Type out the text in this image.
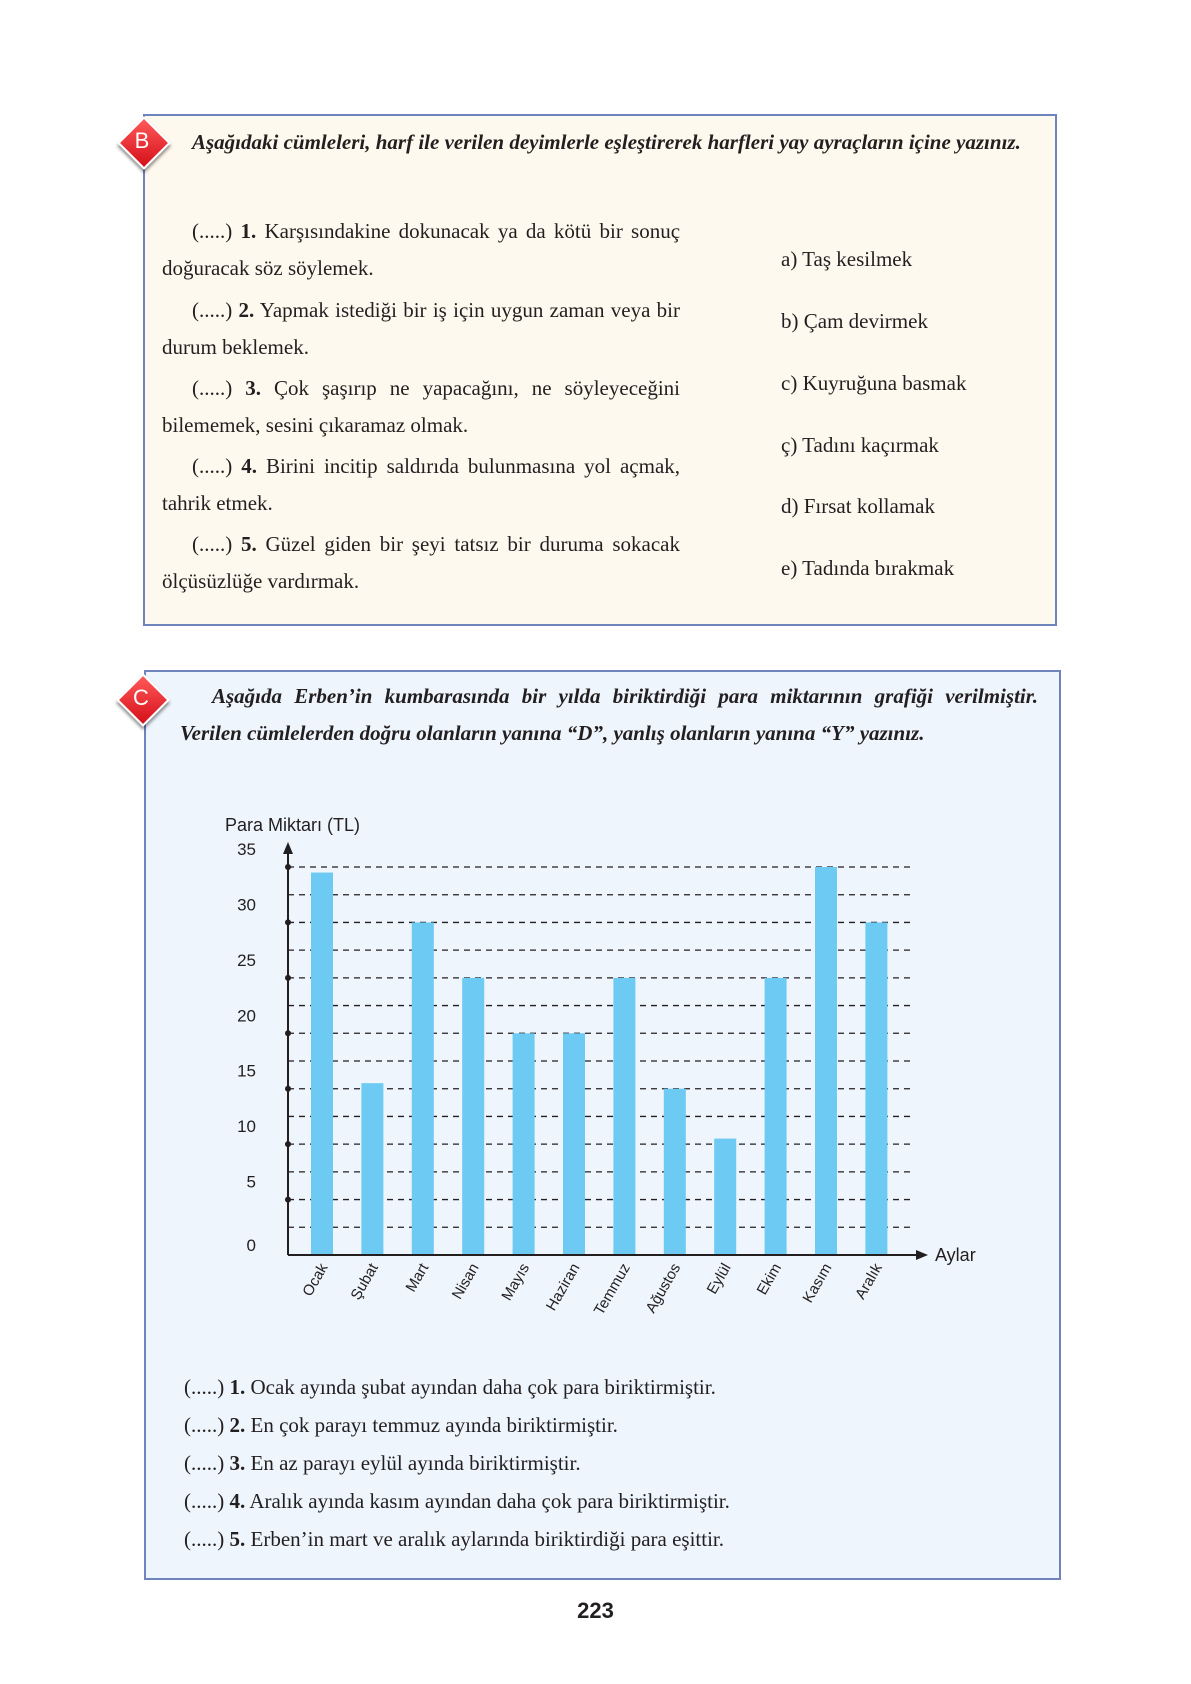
B	Aşağıdaki cümleleri, harf ile verilen deyimlerle eşleştirerek harfleri yay ayraçların içine yazınız.
(.....) 1. Karşısındakine dokunacak ya da kötü bir sonuç doğuracak söz söylemek.
(.....) 2. Yapmak istediği bir iş için uygun zaman veya bir durum beklemek.
(.....) 3. Çok şaşırıp ne yapacağını, ne söyleyeceğini bilememek, sesini çıkaramaz olmak.
(.....) 4. Birini incitip saldırıda bulunmasına yol açmak, tahrik etmek.
(.....) 5. Güzel giden bir şeyi tatsız bir duruma sokacak ölçüsüzlüğe vardırmak.
a) Taş kesilmek
b) Çam devirmek
c) Kuyruğuna basmak
ç) Tadını kaçırmak
d) Fırsat kollamak
e) Tadında bırakmak
C	Aşağıda Erben’in kumbarasında bir yılda biriktirdiği para miktarının grafiği verilmiştir. Verilen cümlelerden doğru olanların yanına “D”, yanlış olanların yanına “Y” yazınız.
0
5
10
15
20
25
30
35
Ocak Şubat Mart Nisan Mayıs Haziran Temmuz Ağustos Eylül Ekim Kasım Aralık
Para Miktarı (TL)
Aylar
(.....) 1. Ocak ayında şubat ayından daha çok para biriktirmiştir.
(.....) 2. En çok parayı temmuz ayında biriktirmiştir.
(.....) 3. En az parayı eylül ayında biriktirmiştir.
(.....) 4. Aralık ayında kasım ayından daha çok para biriktirmiştir.
(.....) 5. Erben’in mart ve aralık aylarında biriktirdiği para eşittir.
223
